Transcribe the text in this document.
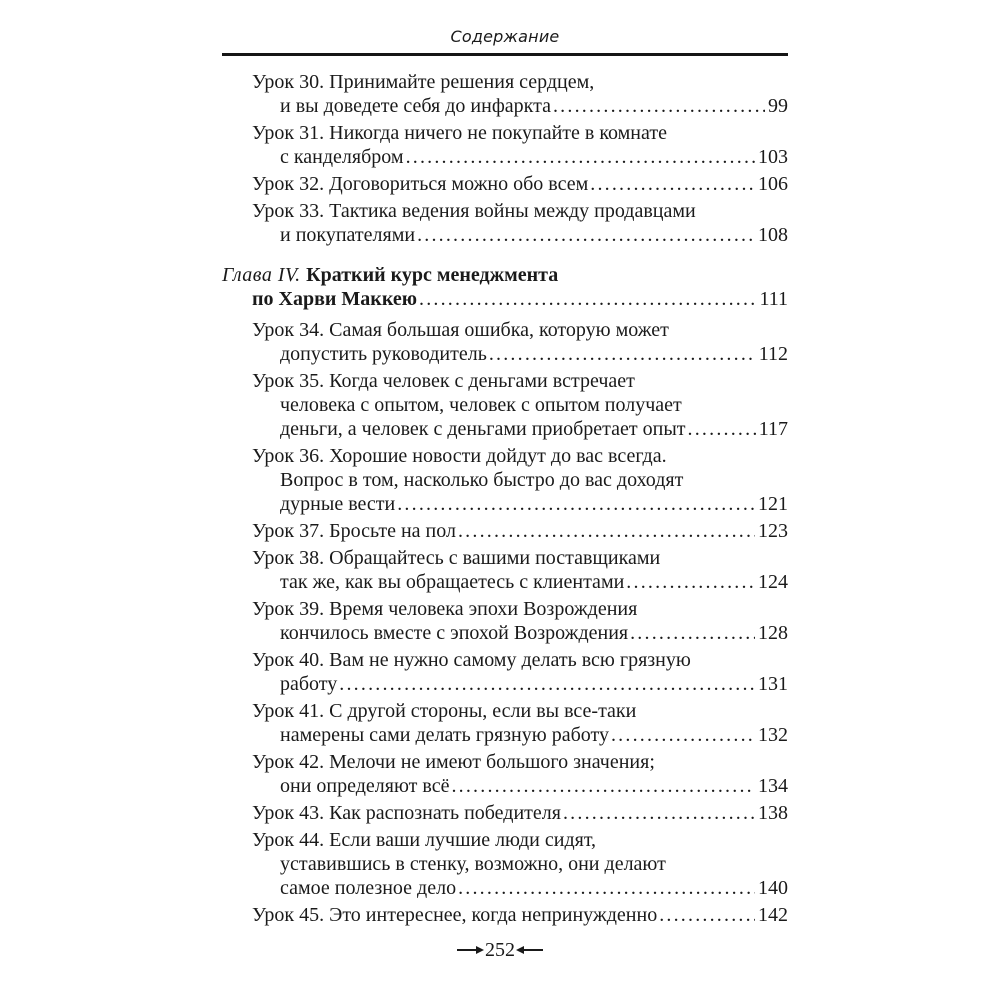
Содержание
Урок 30. Принимайте решения сердцем,
и вы доведете себя до инфаркта .....	99
Урок 31. Никогда ничего не покупайте в комнате
с канделябром .....	103
Урок 32. Договориться можно обо всем .....	106
Урок 33. Тактика ведения войны между продавцами
и покупателями .....	108
Глава IV. Краткий курс менеджмента
по Харви Маккею .....	111
Урок 34. Самая большая ошибка, которую может
допустить руководитель .....	112
Урок 35. Когда человек с деньгами встречает
человека с опытом, человек с опытом получает
деньги, а человек с деньгами приобретает опыт .....	117
Урок 36. Хорошие новости дойдут до вас всегда.
Вопрос в том, насколько быстро до вас доходят
дурные вести .....	121
Урок 37. Бросьте на пол .....	123
Урок 38. Обращайтесь с вашими поставщиками
так же, как вы обращаетесь с клиентами .....	124
Урок 39. Время человека эпохи Возрождения
кончилось вместе с эпохой Возрождения .....	128
Урок 40. Вам не нужно самому делать всю грязную
работу .....	131
Урок 41. С другой стороны, если вы все-таки
намерены сами делать грязную работу .....	132
Урок 42. Мелочи не имеют большого значения;
они определяют всё .....	134
Урок 43. Как распознать победителя .....	138
Урок 44. Если ваши лучшие люди сидят,
уставившись в стенку, возможно, они делают
самое полезное дело .....	140
Урок 45. Это интереснее, когда непринужденно .....	142
252
